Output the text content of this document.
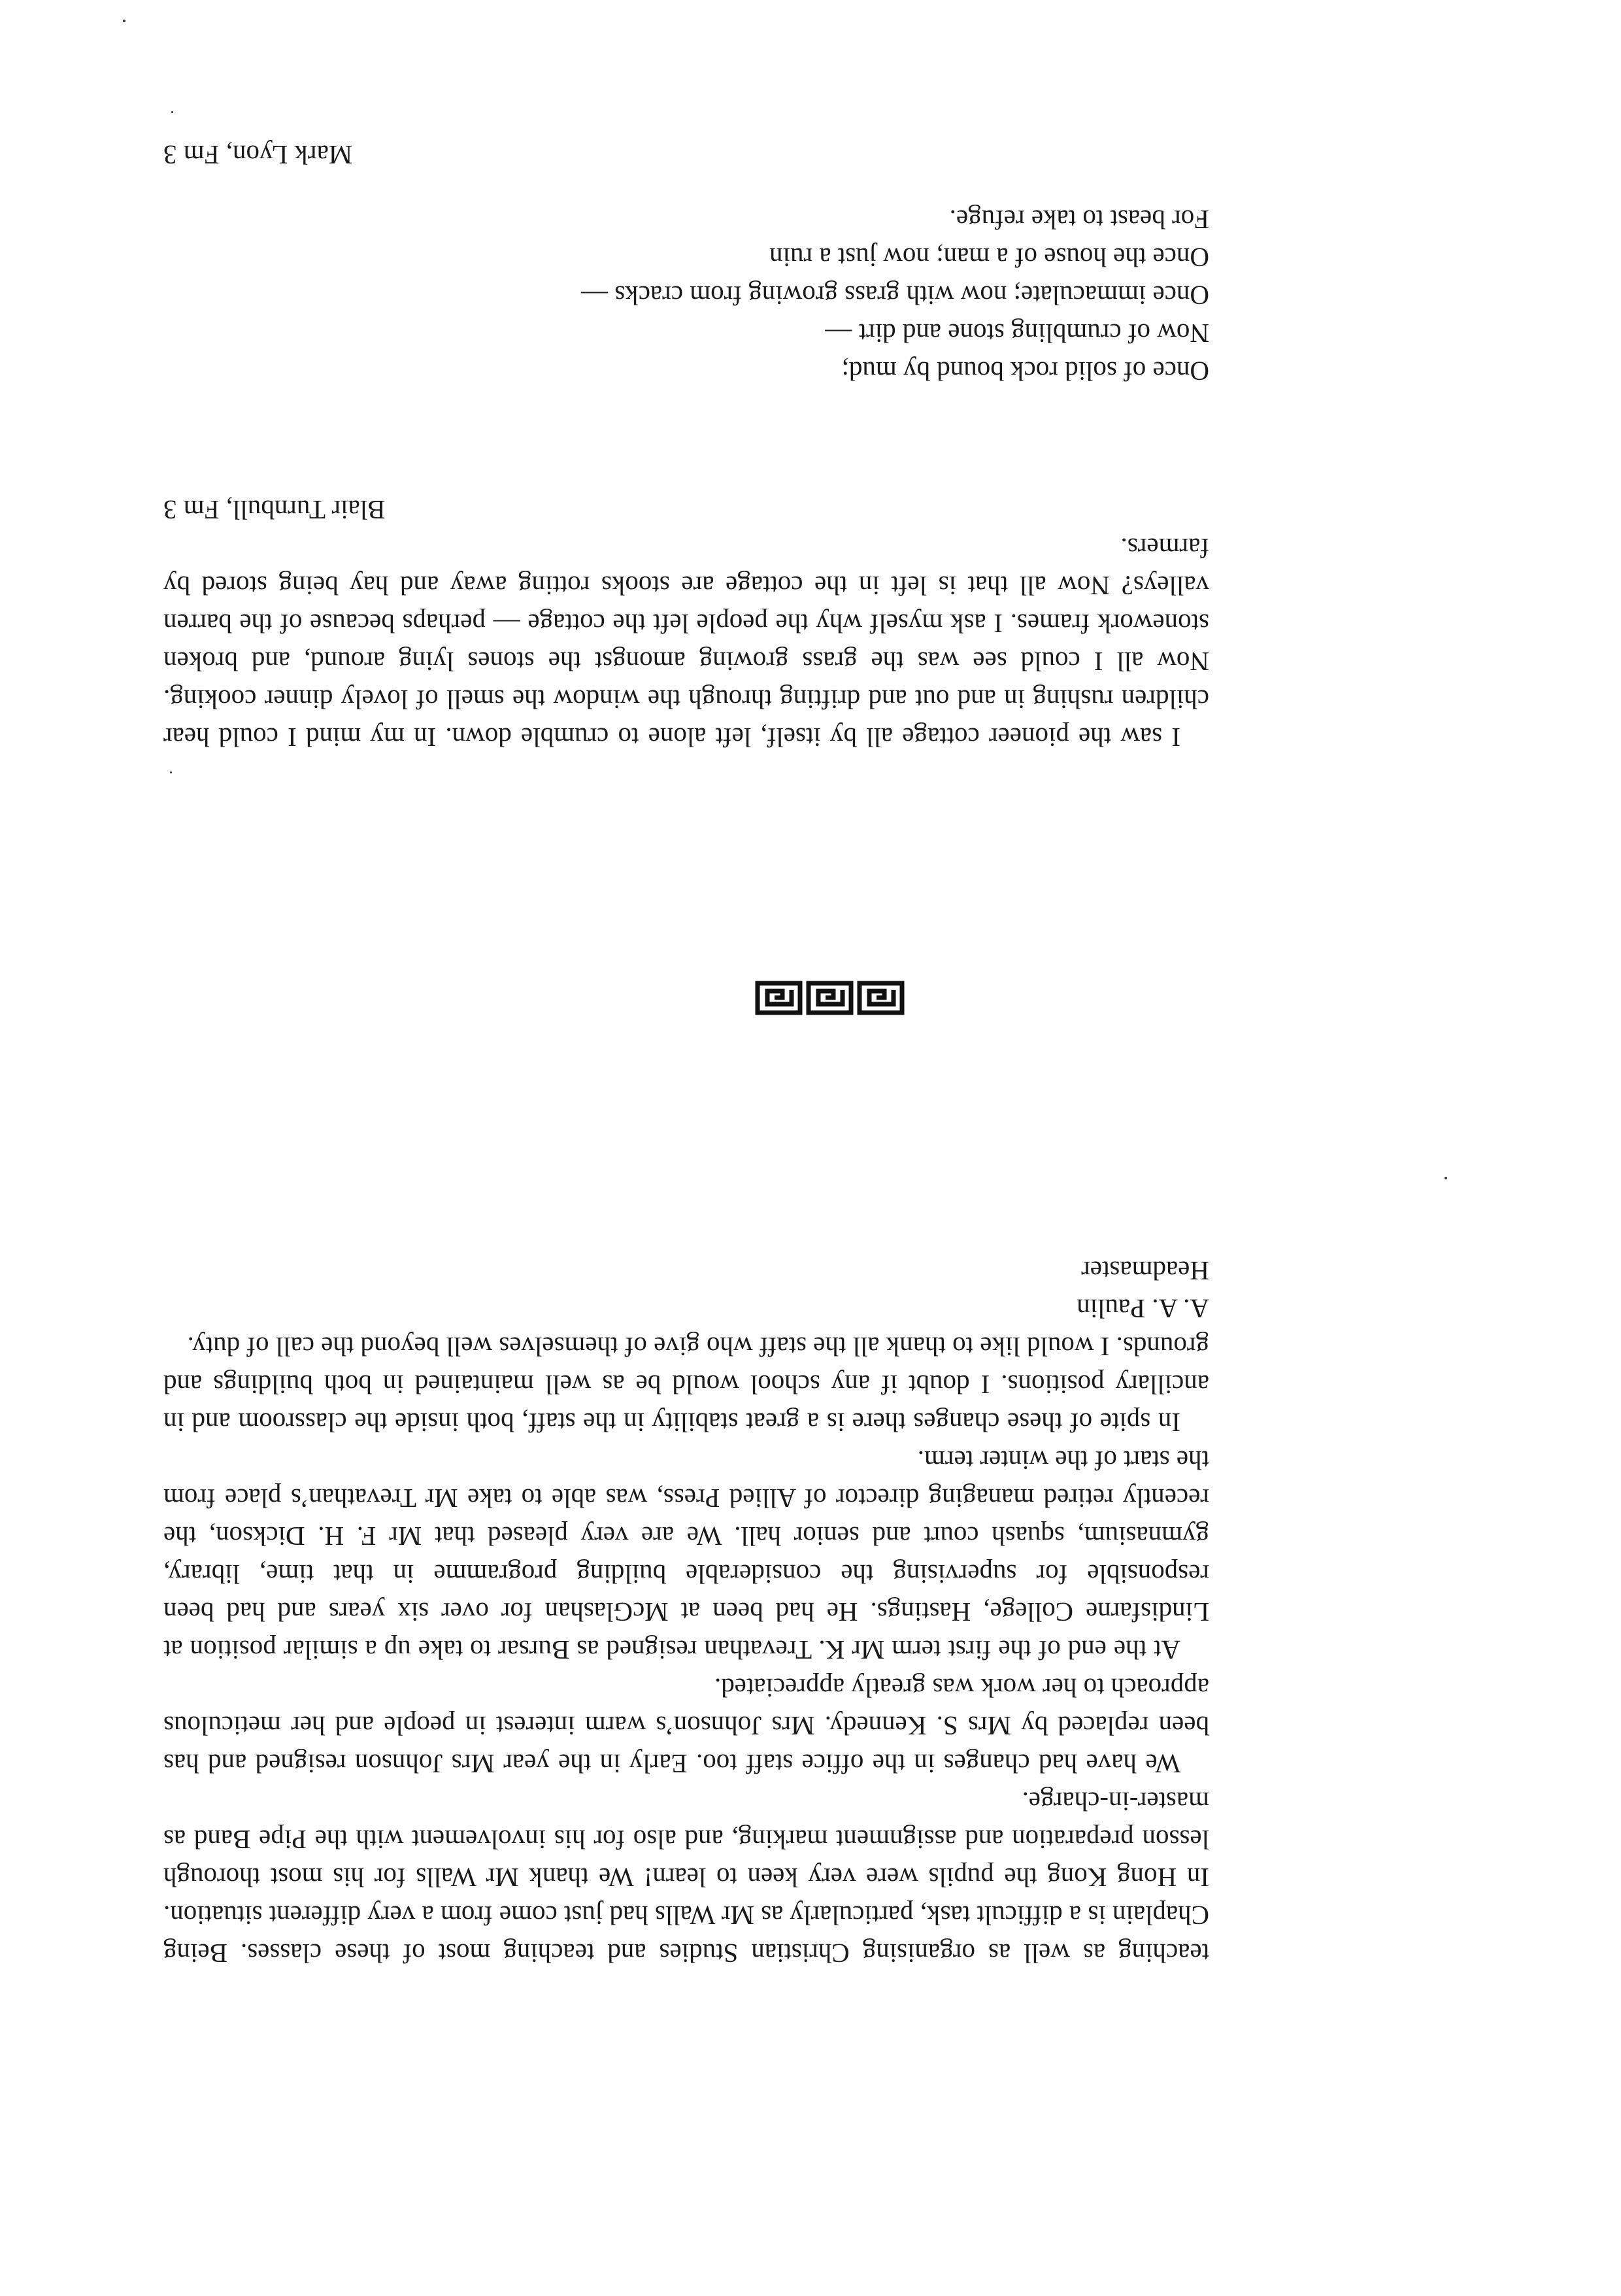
teaching as well as organising Christian Studies and teaching most of these classes. Being Chaplain is a difficult task, particularly as Mr Walls had just come from a very different situation. In Hong Kong the pupils were very keen to learn! We thank Mr Walls for his most thorough lesson preparation and assignment marking, and also for his involvement with the Pipe Band as master-in-charge.

We have had changes in the office staff too. Early in the year Mrs Johnson resigned and has been replaced by Mrs S. Kennedy. Mrs Johnson’s warm interest in people and her meticulous approach to her work was greatly appreciated.

At the end of the first term Mr K. Trevathan resigned as Bursar to take up a similar position at Lindisfarne College, Hastings. He had been at McGlashan for over six years and had been responsible for supervising the considerable building programme in that time, library, gymnasium, squash court and senior hall. We are very pleased that Mr F. H. Dickson, the recently retired managing director of Allied Press, was able to take Mr Trevathan’s place from the start of the winter term.

In spite of these changes there is a great stability in the staff, both inside the classroom and in ancillary positions. I doubt if any school would be as well maintained in both buildings and grounds. I would like to thank all the staff who give of themselves well beyond the call of duty.

A. A. Paulin

Headmaster

I saw the pioneer cottage all by itself, left alone to crumble down. In my mind I could hear children rushing in and out and drifting through the window the smell of lovely dinner cooking. Now all I could see was the grass growing amongst the stones lying around, and broken stonework frames. I ask myself why the people left the cottage — perhaps because of the barren valleys? Now all that is left in the cottage are stooks rotting away and hay being stored by farmers.

Blair Turnbull, Fm 3

Once of solid rock bound by mud;
Now of crumbling stone and dirt —
Once immaculate; now with grass growing from cracks —
Once the house of a man; now just a ruin
For beast to take refuge.

Mark Lyon, Fm 3
